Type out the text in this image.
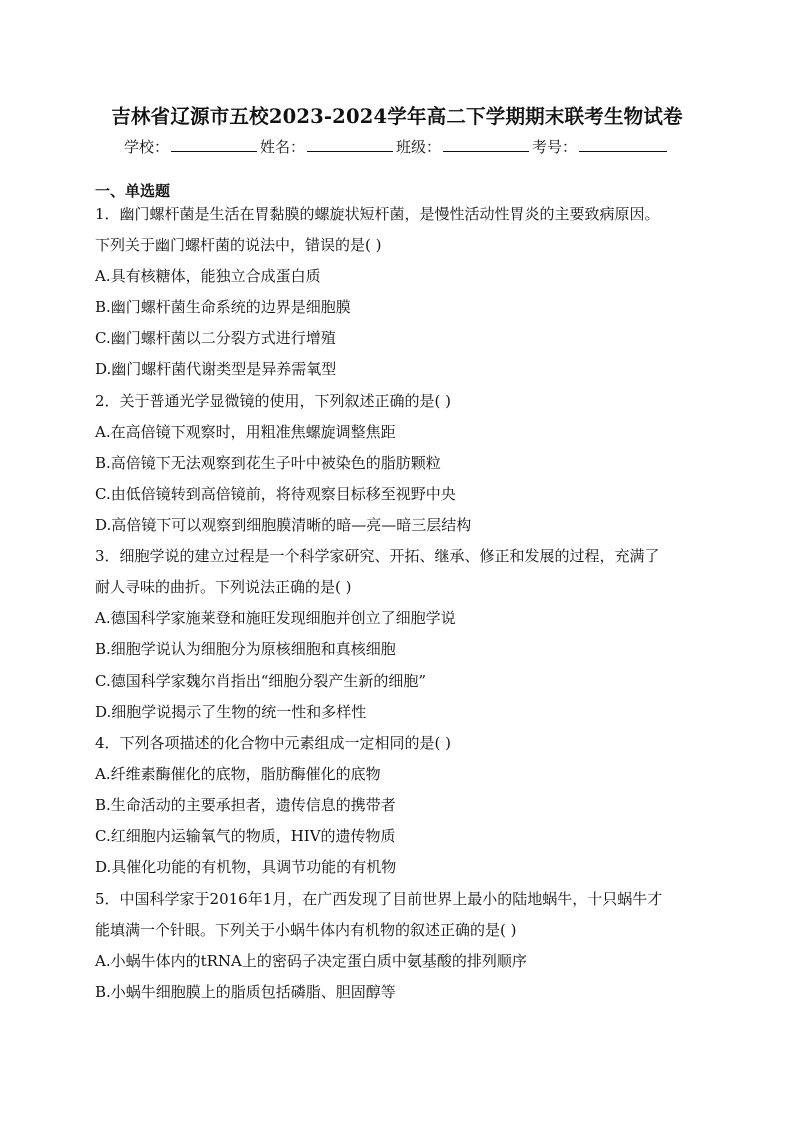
吉林省辽源市五校2023-2024学年高二下学期期末联考生物试卷
学校：	姓名：	班级：	考号：
一、单选题
1．幽门螺杆菌是生活在胃黏膜的螺旋状短杆菌，是慢性活动性胃炎的主要致病原因。
下列关于幽门螺杆菌的说法中，错误的是( )
A.具有核糖体，能独立合成蛋白质
B.幽门螺杆菌生命系统的边界是细胞膜
C.幽门螺杆菌以二分裂方式进行增殖
D.幽门螺杆菌代谢类型是异养需氧型
2．关于普通光学显微镜的使用，下列叙述正确的是( )
A.在高倍镜下观察时，用粗准焦螺旋调整焦距
B.高倍镜下无法观察到花生子叶中被染色的脂肪颗粒
C.由低倍镜转到高倍镜前，将待观察目标移至视野中央
D.高倍镜下可以观察到细胞膜清晰的暗—亮—暗三层结构
3．细胞学说的建立过程是一个科学家研究、开拓、继承、修正和发展的过程，充满了
耐人寻味的曲折。下列说法正确的是( )
A.德国科学家施莱登和施旺发现细胞并创立了细胞学说
B.细胞学说认为细胞分为原核细胞和真核细胞
C.德国科学家魏尔肖指出“细胞分裂产生新的细胞”
D.细胞学说揭示了生物的统一性和多样性
4．下列各项描述的化合物中元素组成一定相同的是( )
A.纤维素酶催化的底物，脂肪酶催化的底物
B.生命活动的主要承担者，遗传信息的携带者
C.红细胞内运输氧气的物质，HIV的遗传物质
D.具催化功能的有机物，具调节功能的有机物
5．中国科学家于2016年1月，在广西发现了目前世界上最小的陆地蜗牛，十只蜗牛才
能填满一个针眼。下列关于小蜗牛体内有机物的叙述正确的是( )
A.小蜗牛体内的tRNA上的密码子决定蛋白质中氨基酸的排列顺序
B.小蜗牛细胞膜上的脂质包括磷脂、胆固醇等
